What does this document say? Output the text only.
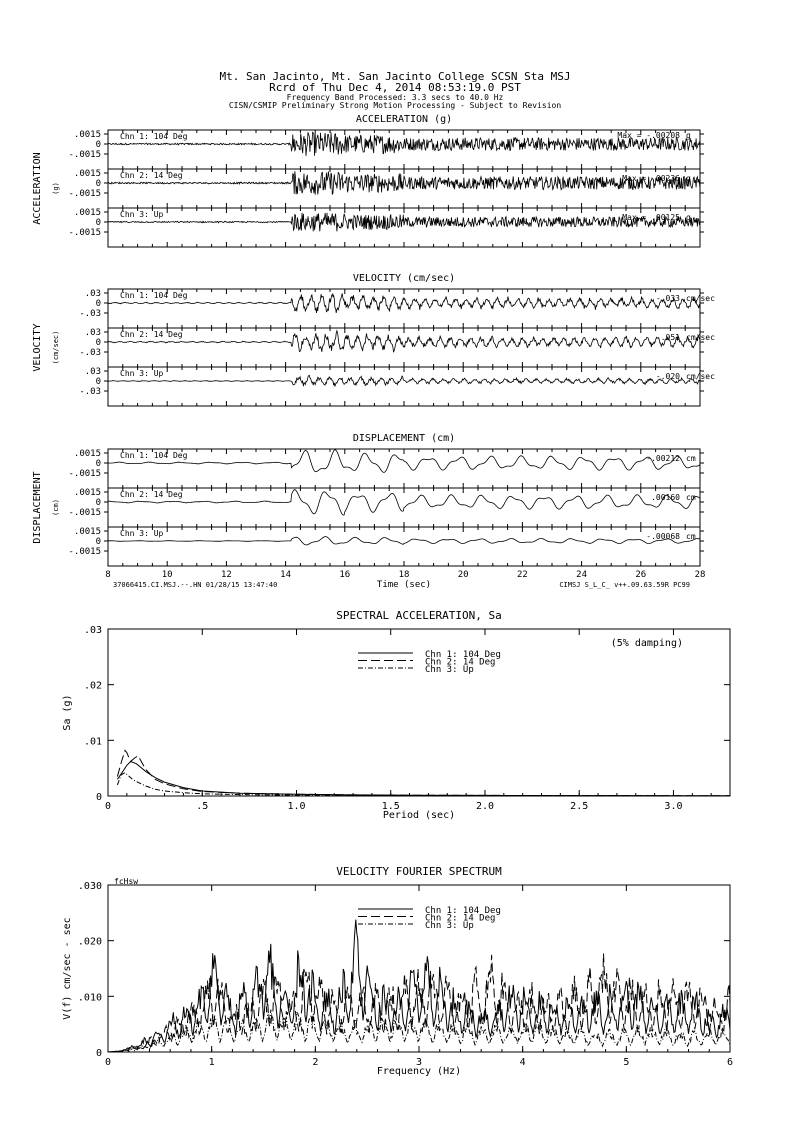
Mt. San Jacinto, Mt. San Jacinto College SCSN Sta MSJ
Rcrd of Thu Dec 4, 2014 08:53:19.0 PST
Frequency Band Processed: 3.3 secs to 40.0 Hz
CISN/CSMIP Preliminary Strong Motion Processing - Subject to Revision
ACCELERATION (g)
ACCELERATION (g)
.0015
0
-.0015
Chn 1: 104 Deg	Max = -.00208 g
.0015
0
-.0015
Chn 2: 14 Deg	Max = .00236 g
.0015
0
-.0015
Chn 3: Up	Max = .00125 g
VELOCITY (cm/sec)
VELOCITY (cm/sec)
.03
0
-.03
Chn 1: 104 Deg	-.033 cm/sec
.03
0
-.03
Chn 2: 14 Deg	-.051 cm/sec
.03
0
-.03
Chn 3: Up	-.020 cm/sec
DISPLACEMENT (cm)
DISPLACEMENT (cm)
.0015
0
-.0015
Chn 1: 104 Deg	-.00212 cm
.0015
0
-.0015
Chn 2: 14 Deg	.00160 cm
.0015
0
-.0015
Chn 3: Up	-.00068 cm
8	10	12	14	16	18	20	22	24	26	28
Time (sec)
37066415.CI.MSJ.--.HN 01/28/15 13:47:40	CIMSJ S_L_C_ v++.09.63.59R PC99
SPECTRAL ACCELERATION, Sa
.03
.02
.01
0
0	.5	1.0	1.5	2.0	2.5	3.0
Period (sec)
Sa (g)
(5% damping)
Chn 1: 104 Deg
Chn 2: 14 Deg
Chn 3: Up
VELOCITY FOURIER SPECTRUM
.030
.020
.010
0
0	1	2	3	4	5	6
Frequency (Hz)
V(f) cm/sec - sec
fcHsw
Chn 1: 104 Deg
Chn 2: 14 Deg
Chn 3: Up
